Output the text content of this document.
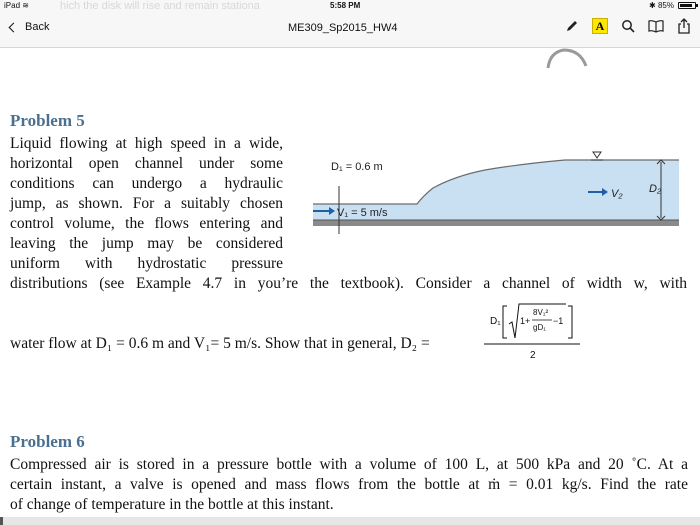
hich the disk will rise and remain stationa
iPad ≋	5:58 PM	✱ 85%
Back	ME309_Sp2015_HW4	A
Problem 5
Liquid flowing at high speed in a wide,
horizontal open channel under some
conditions can undergo a hydraulic
jump, as shown. For a suitably chosen
control volume, the flows entering and
leaving the jump may be considered
uniform with hydrostatic pressure
distributions (see Example 4.7 in you’re the textbook). Consider a channel of width w, with
D₁ = 0.6 m
V₁ = 5 m/s
V₂ D₂
water flow at D₁ = 0.6 m and V₁= 5 m/s. Show that in general, D₂ =
D₁ 1+
8V₁²
gD₁
−1
2
Problem 6
Compressed air is stored in a pressure bottle with a volume of 100 L, at 500 kPa and 20 ˚C. At a
certain instant, a valve is opened and mass flows from the bottle at ṁ = 0.01 kg/s. Find the rate
of change of temperature in the bottle at this instant.
